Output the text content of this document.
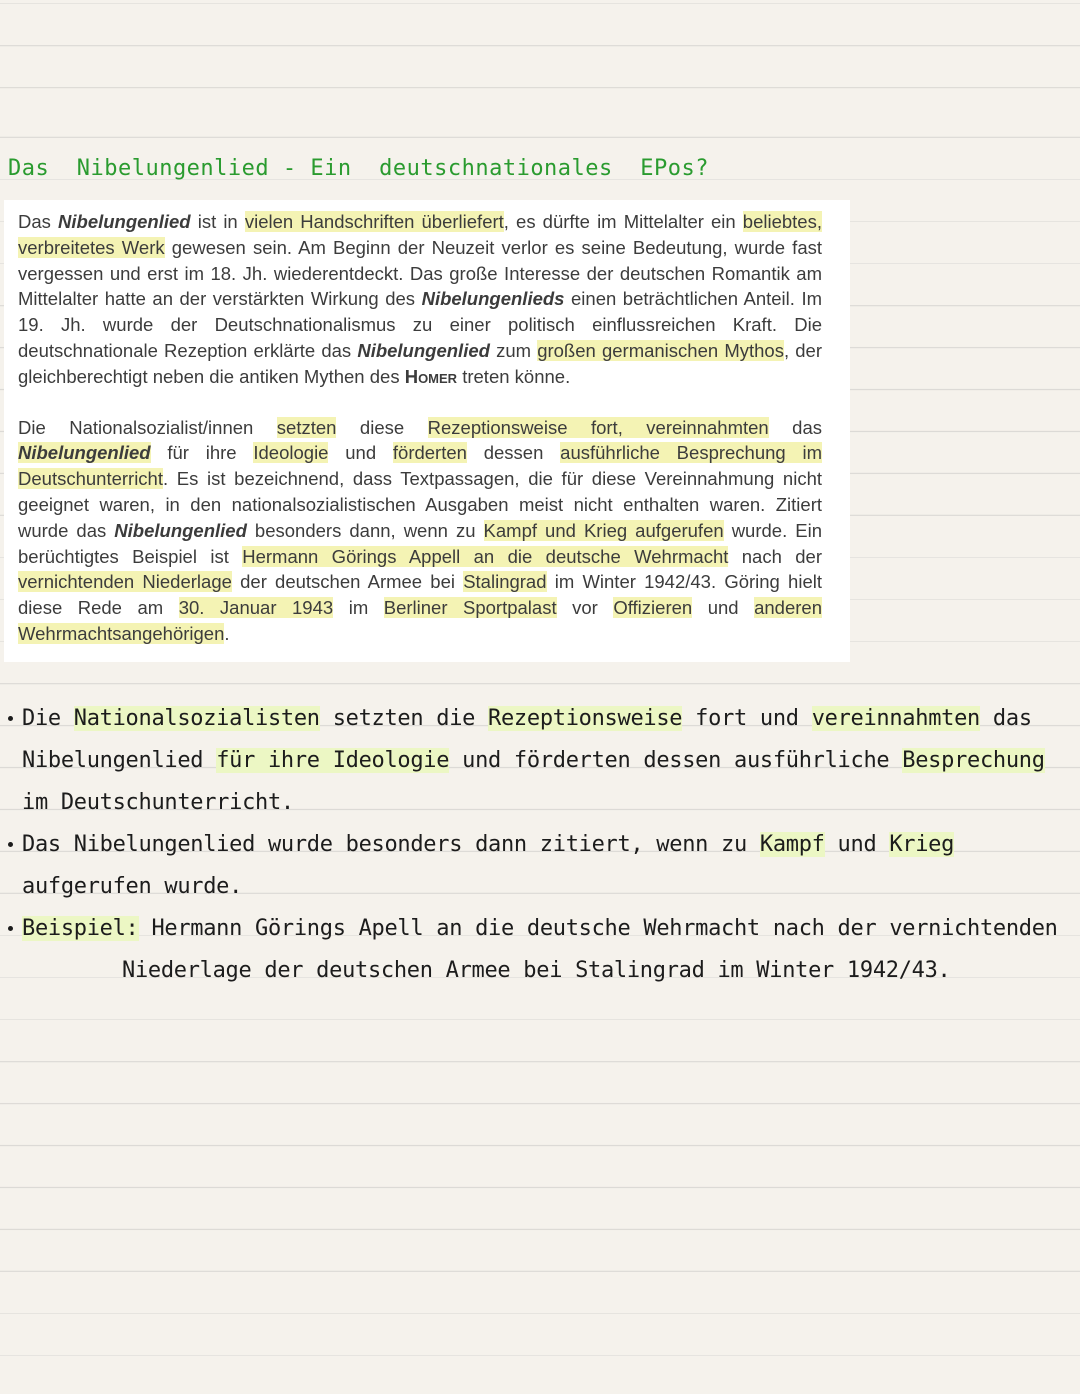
Das  Nibelungenlied - Ein  deutschnationales  EPos?

Das Nibelungenlied ist in vielen Handschriften überliefert, es dürfte im Mittelalter ein beliebtes, verbreitetes Werk gewesen sein. Am Beginn der Neuzeit verlor es seine Bedeutung, wurde fast vergessen und erst im 18. Jh. wiederentdeckt. Das große Interesse der deutschen Romantik am Mittelalter hatte an der verstärkten Wirkung des Nibelungenlieds einen beträchtlichen Anteil. Im 19. Jh. wurde der Deutschnationalismus zu einer politisch einflussreichen Kraft. Die deutschnationale Rezeption erklärte das Nibelungenlied zum großen germanischen Mythos, der gleichberechtigt neben die antiken Mythen des Homer treten könne.

Die Nationalsozialist/innen setzten diese Rezeptionsweise fort, vereinnahmten das Nibelungenlied für ihre Ideologie und förderten dessen ausführliche Besprechung im Deutschunterricht. Es ist bezeichnend, dass Textpassagen, die für diese Vereinnahmung nicht geeignet waren, in den nationalsozialistischen Ausgaben meist nicht enthalten waren. Zitiert wurde das Nibelungenlied besonders dann, wenn zu Kampf und Krieg aufgerufen wurde. Ein berüchtigtes Beispiel ist Hermann Görings Appell an die deutsche Wehrmacht nach der vernichtenden Niederlage der deutschen Armee bei Stalingrad im Winter 1942/43. Göring hielt diese Rede am 30. Januar 1943 im Berliner Sportpalast vor Offizieren und anderen Wehrmachtsangehörigen.

Die Nationalsozialisten setzten die Rezeptionsweise fort und vereinnahmten das Nibelungenlied für ihre Ideologie und förderten dessen ausführliche Besprechung im Deutschunterricht.
Das Nibelungenlied wurde besonders dann zitiert, wenn zu Kampf und Krieg aufgerufen wurde.
Beispiel: Hermann Görings Apell an die deutsche Wehrmacht nach der vernichtenden
Niederlage der deutschen Armee bei Stalingrad im Winter 1942/43.
